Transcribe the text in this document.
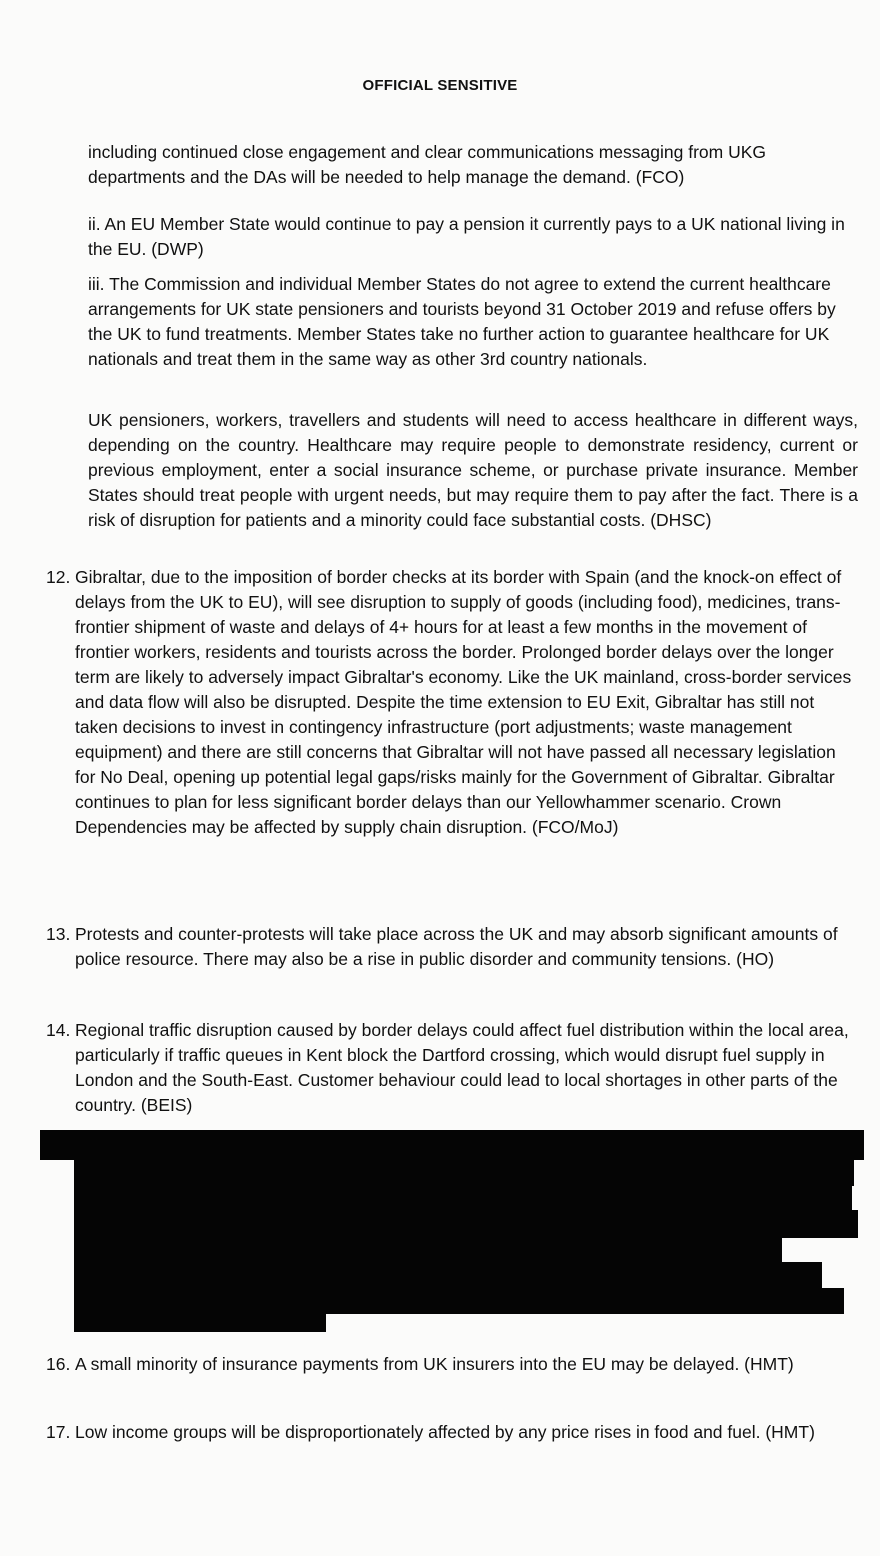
OFFICIAL SENSITIVE

including continued close engagement and clear communications messaging from UKG departments and the DAs will be needed to help manage the demand. (FCO)

ii. An EU Member State would continue to pay a pension it currently pays to a UK national living in the EU. (DWP)

iii. The Commission and individual Member States do not agree to extend the current healthcare arrangements for UK state pensioners and tourists beyond 31 October 2019 and refuse offers by the UK to fund treatments. Member States take no further action to guarantee healthcare for UK nationals and treat them in the same way as other 3rd country nationals.

UK pensioners, workers, travellers and students will need to access healthcare in different ways, depending on the country. Healthcare may require people to demonstrate residency, current or previous employment, enter a social insurance scheme, or purchase private insurance. Member States should treat people with urgent needs, but may require them to pay after the fact. There is a risk of disruption for patients and a minority could face substantial costs. (DHSC)

12. Gibraltar, due to the imposition of border checks at its border with Spain (and the knock-on effect of delays from the UK to EU), will see disruption to supply of goods (including food), medicines, trans-frontier shipment of waste and delays of 4+ hours for at least a few months in the movement of frontier workers, residents and tourists across the border. Prolonged border delays over the longer term are likely to adversely impact Gibraltar's economy. Like the UK mainland, cross-border services and data flow will also be disrupted. Despite the time extension to EU Exit, Gibraltar has still not taken decisions to invest in contingency infrastructure (port adjustments; waste management equipment) and there are still concerns that Gibraltar will not have passed all necessary legislation for No Deal, opening up potential legal gaps/risks mainly for the Government of Gibraltar. Gibraltar continues to plan for less significant border delays than our Yellowhammer scenario. Crown Dependencies may be affected by supply chain disruption. (FCO/MoJ)
13. Protests and counter-protests will take place across the UK and may absorb significant amounts of police resource. There may also be a rise in public disorder and community tensions. (HO)
14. Regional traffic disruption caused by border delays could affect fuel distribution within the local area, particularly if traffic queues in Kent block the Dartford crossing, which would disrupt fuel supply in London and the South-East. Customer behaviour could lead to local shortages in other parts of the country. (BEIS)
16. A small minority of insurance payments from UK insurers into the EU may be delayed. (HMT)
17. Low income groups will be disproportionately affected by any price rises in food and fuel. (HMT)
